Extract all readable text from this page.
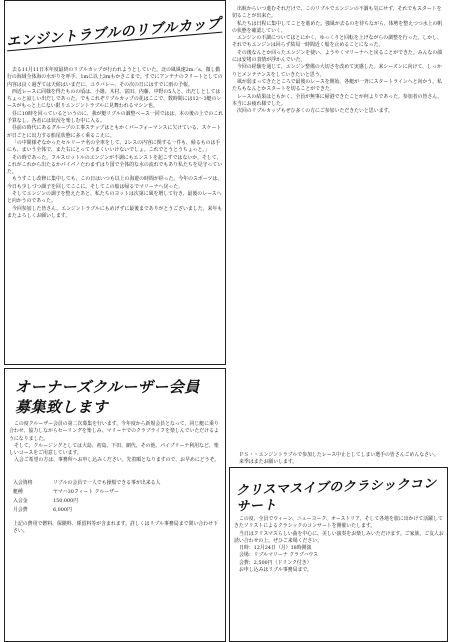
エンジントラブルのリブルカップ

去る11月11日本年度最終のリブルカップが行われようとしていた。北の風風速2m／s、微し勤行の海域全体海の水がりを呼手、1mに以上3mもかさこまで。すでにアンテナのフリートとしての内容は良く過ぎては天候はいまだに、ユウバレー、その次の日にはすでに雨の予報。

西近レースに同様を得たものの頃は、小雄、木村、富田、内藤、中野の5人と、出だしとしてはちょっと寂しい出だしであった。でもこれぞリブルカップの花はここで、数時間には12～3艇のレースがもっと上にない限りエンジントラブルに見舞われるマシン也。

昼に10時を回っているというのに、我が艇リブルの調整ベース一同ではは、本の後の上でのこれ予算なし。各者には状況を楽しむ中に入る。

昼前の時代にあるグループの工事ステップはともかくパーフォーマンスに欠けている、スケートが日ごとに出力する船尾状態に多く乗るこえに。

「の中間様ぞなかったセルリーナ名の全車をして、2レスの内容に関する一件も、帰るものは手にも、まいう全体で、また右にとってうまくいいけないでしょ。これでとうとうちょっと。」

その時であった。フルスロットルのエンジンが不調にもエンストを起こすではないか。そして、これがこれから出たるかパイパノたわまずはり国で全体的な水の流れでもあり私たちを見守っていた。

もうすこし改修に集中しても、この日はいつも以上の海遊の時間が経った。今年のスポーツは、今日も少しづつ調子を回してここに。そしてこの船は帰るでマリーナへ戻った。

そしてエンジンの調子を整えたあと、私たちのヨットは次第に風を増して行き、最後のレースへと向かうのであった。

今回参加した皆さん、エンジントラブルにもめげずに最後までありがとうございました。来年もまたよろしくお願いします。

オーナーズクルーザー会員募集致します

この度クルーザー会員の第二次募集を行います。今年度から新規会員となって、同じ艇に乗り合わせ、協力しながらセーリングを楽しみ、マリーナでのクラブライフを楽しんでいただけるようになりました。

そして、クルージングとしては大島、初島、下田、網代、その他、パイプリーナ利用など、楽しいコースをご用意しています。

入会ご希望の方は、事務所へお申し込みください。先着順となりますので、お早めにどうぞ。

入会資格	リブルの会員で一人でも操船できる事が出来る人
艇種	ヤマハ30フィート クルーザー
入会金	150,000円
月会費	6,000円

上記の費用で燃料、保険料、係留料等が含まれます。詳しくはリブル事務局まで問い合わせ下さい。

出航からいつ進むそれだけで、このリブルでエンジンの不調も気にせず、それでもスタートを切ることが出来た。

私たちは日程に集中してことを進めた。強風が去るのを待ちながら、体勢を整えつつ水上の帆の状態を確認していく。

エンジンの不調についてはとにかく、ゆっくりと回転を上げながらの調整を行った。しかし、それでもエンジンは回らず結局一時間近く船を止めることになった。

その後なんとか回ったエンジンを使い、ようやくマリーナへと戻ることができた。みんなの顔には安堵の表情が浮かんでいた。

今回の経験を通じて、エンジン整備の大切さを改めて実感した。来シーズンに向けて、しっかりとメンテナンスをしていきたいと思う。

風が弱まってきたところで最後のレースを開始。各艇が一斉にスタートラインへと向かう。私たちもなんとかスタートを切ることができた。

レースの結果はともかく、全員が無事に帰港できたことが何よりであった。参加者の皆さん、本当にお疲れ様でした。

次回のリブルカップもぜひ多くの方にご参加いただきたいと思います。

ＰＳ・・エンジントラブルで参加したレース中止としてしまい選手の皆さんごめんなさい。来季はまたお願いします。
クリスマスイブのクラシックコンサート

この度、全員でウィーン、ニューヨーク、オーストリア、そして各地を旅に出かけて活躍してきたソリストによるクラシックのコンサートを開催いたします。

当日はクリスマスらしい曲を中心に、美しい演奏をお楽しみいただけます。ご家族、ご友人お誘い合わせの上、ぜひご来場ください。

日時：12月24日（月）18時開演

会場：リブルマリーナ クラブハウス

会費：2,500円（ドリンク付き）

お申し込みはリブル事務局まで。
